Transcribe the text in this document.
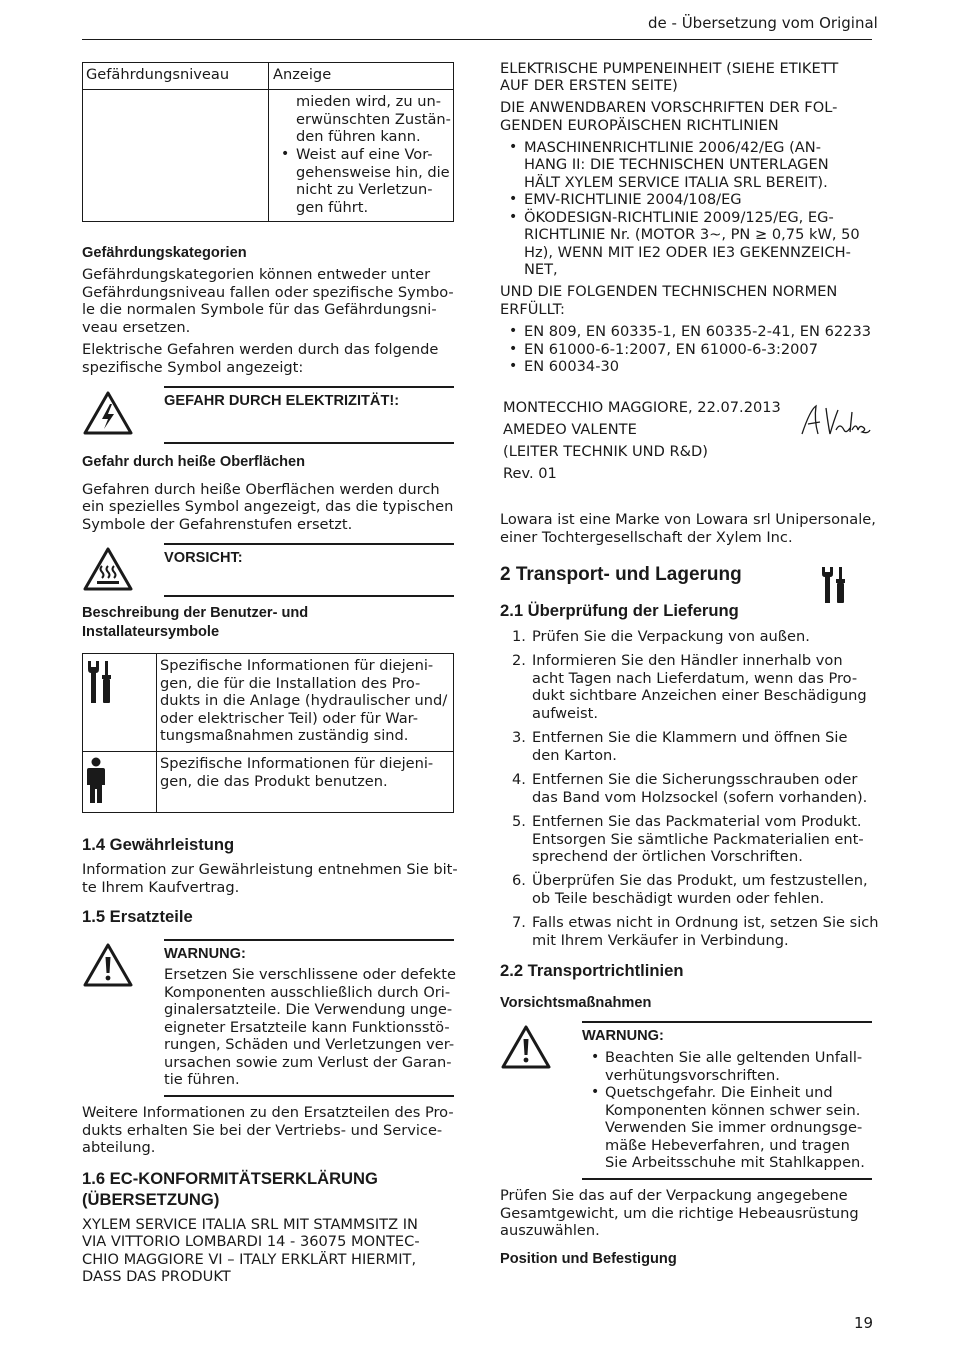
de - Übersetzung vom Original
Gefährdungsniveau	Anzeige
mieden wird, zu un-
erwünschten Zustän-
den führen kann.
• Weist auf eine Vor-
gehensweise hin, die
nicht zu Verletzun-
gen führt.
Gefährdungskategorien
Gefährdungskategorien können entweder unter
Gefährdungsniveau fallen oder spezifische Symbo-
le die normalen Symbole für das Gefährdungsni-
veau ersetzen.
Elektrische Gefahren werden durch das folgende
spezifische Symbol angezeigt:
GEFAHR DURCH ELEKTRIZITÄT!:
Gefahr durch heiße Oberflächen
Gefahren durch heiße Oberflächen werden durch
ein spezielles Symbol angezeigt, das die typischen
Symbole der Gefahrenstufen ersetzt.
VORSICHT:
Beschreibung der Benutzer- und
Installateursymbole
Spezifische Informationen für diejeni-
gen, die für die Installation des Pro-
dukts in die Anlage (hydraulischer und/
oder elektrischer Teil) oder für War-
tungsmaßnahmen zuständig sind.
Spezifische Informationen für diejeni-
gen, die das Produkt benutzen.
1.4 Gewährleistung
Information zur Gewährleistung entnehmen Sie bit-
te Ihrem Kaufvertrag.
1.5 Ersatzteile
WARNUNG:
Ersetzen Sie verschlissene oder defekte
Komponenten ausschließlich durch Ori-
ginalersatzteile. Die Verwendung unge-
eigneter Ersatzteile kann Funktionsstö-
rungen, Schäden und Verletzungen ver-
ursachen sowie zum Verlust der Garan-
tie führen.
Weitere Informationen zu den Ersatzteilen des Pro-
dukts erhalten Sie bei der Vertriebs- und Service-
abteilung.
1.6 EC-KONFORMITÄTSERKLÄRUNG
(ÜBERSETZUNG)
XYLEM SERVICE ITALIA SRL MIT STAMMSITZ IN
VIA VITTORIO LOMBARDI 14 - 36075 MONTEC-
CHIO MAGGIORE VI – ITALY ERKLÄRT HIERMIT,
DASS DAS PRODUKT
ELEKTRISCHE PUMPENEINHEIT (SIEHE ETIKETT
AUF DER ERSTEN SEITE)
DIE ANWENDBAREN VORSCHRIFTEN DER FOL-
GENDEN EUROPÄISCHEN RICHTLINIEN
• MASCHINENRICHTLINIE 2006/42/EG (AN-
HANG II: DIE TECHNISCHEN UNTERLAGEN
HÄLT XYLEM SERVICE ITALIA SRL BEREIT).
• EMV-RICHTLINIE 2004/108/EG
• ÖKODESIGN-RICHTLINIE 2009/125/EG, EG-
RICHTLINIE Nr. (MOTOR 3~, PN ≥ 0,75 kW, 50
Hz), WENN MIT IE2 ODER IE3 GEKENNZEICH-
NET,
UND DIE FOLGENDEN TECHNISCHEN NORMEN
ERFÜLLT:
• EN 809, EN 60335-1, EN 60335-2-41, EN 62233
• EN 61000-6-1:2007, EN 61000-6-3:2007
• EN 60034-30
MONTECCHIO MAGGIORE, 22.07.2013
AMEDEO VALENTE
(LEITER TECHNIK UND R&D)
Rev. 01
Lowara ist eine Marke von Lowara srl Unipersonale,
einer Tochtergesellschaft der Xylem Inc.
2 Transport- und Lagerung
2.1 Überprüfung der Lieferung
1. Prüfen Sie die Verpackung von außen.
2. Informieren Sie den Händler innerhalb von
acht Tagen nach Lieferdatum, wenn das Pro-
dukt sichtbare Anzeichen einer Beschädigung
aufweist.
3. Entfernen Sie die Klammern und öffnen Sie
den Karton.
4. Entfernen Sie die Sicherungsschrauben oder
das Band vom Holzsockel (sofern vorhanden).
5. Entfernen Sie das Packmaterial vom Produkt.
Entsorgen Sie sämtliche Packmaterialien ent-
sprechend der örtlichen Vorschriften.
6. Überprüfen Sie das Produkt, um festzustellen,
ob Teile beschädigt wurden oder fehlen.
7. Falls etwas nicht in Ordnung ist, setzen Sie sich
mit Ihrem Verkäufer in Verbindung.
2.2 Transportrichtlinien
Vorsichtsmaßnahmen
WARNUNG:
• Beachten Sie alle geltenden Unfall-
verhütungsvorschriften.
• Quetschgefahr. Die Einheit und
Komponenten können schwer sein.
Verwenden Sie immer ordnungsge-
mäße Hebeverfahren, und tragen
Sie Arbeitsschuhe mit Stahlkappen.
Prüfen Sie das auf der Verpackung angegebene
Gesamtgewicht, um die richtige Hebeausrüstung
auszuwählen.
Position und Befestigung
19
